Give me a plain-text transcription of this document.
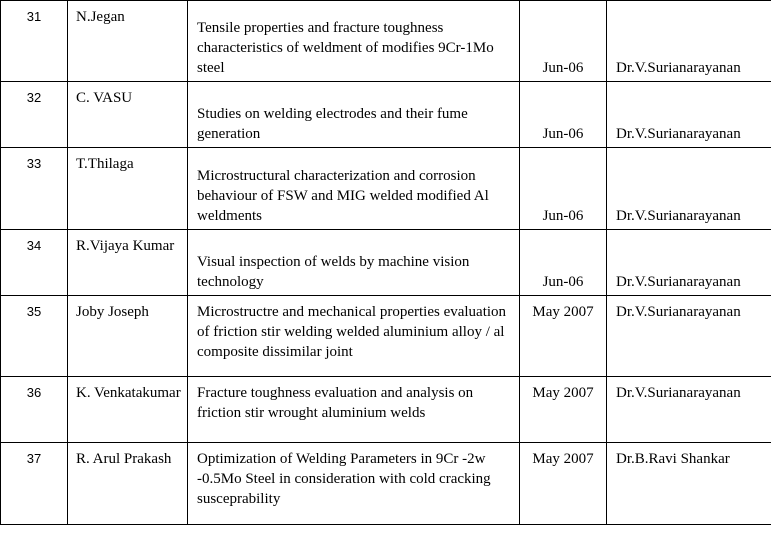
31	N.Jegan	Tensile properties and fracture toughness characteristics of weldment of modifies 9Cr-1Mo steel	Jun-06	Dr.V.Surianarayanan

32	C. VASU	Studies on welding electrodes and their fume generation	Jun-06	Dr.V.Surianarayanan

33	T.Thilaga	Microstructural characterization and corrosion behaviour of FSW and MIG welded modified Al weldments	Jun-06	Dr.V.Surianarayanan

34	R.Vijaya Kumar	Visual inspection of welds by machine vision technology	Jun-06	Dr.V.Surianarayanan

35	Joby Joseph	Microstructre and mechanical properties evaluation of friction stir welding welded aluminium alloy / al composite dissimilar joint	May 2007	Dr.V.Surianarayanan

36	K. Venkatakumar	Fracture toughness evaluation and analysis on friction stir wrought aluminium welds	May 2007	Dr.V.Surianarayanan

37	R. Arul Prakash	Optimization of Welding Parameters in 9Cr -2w -0.5Mo Steel in consideration with cold cracking susceprability	May 2007	Dr.B.Ravi Shankar
